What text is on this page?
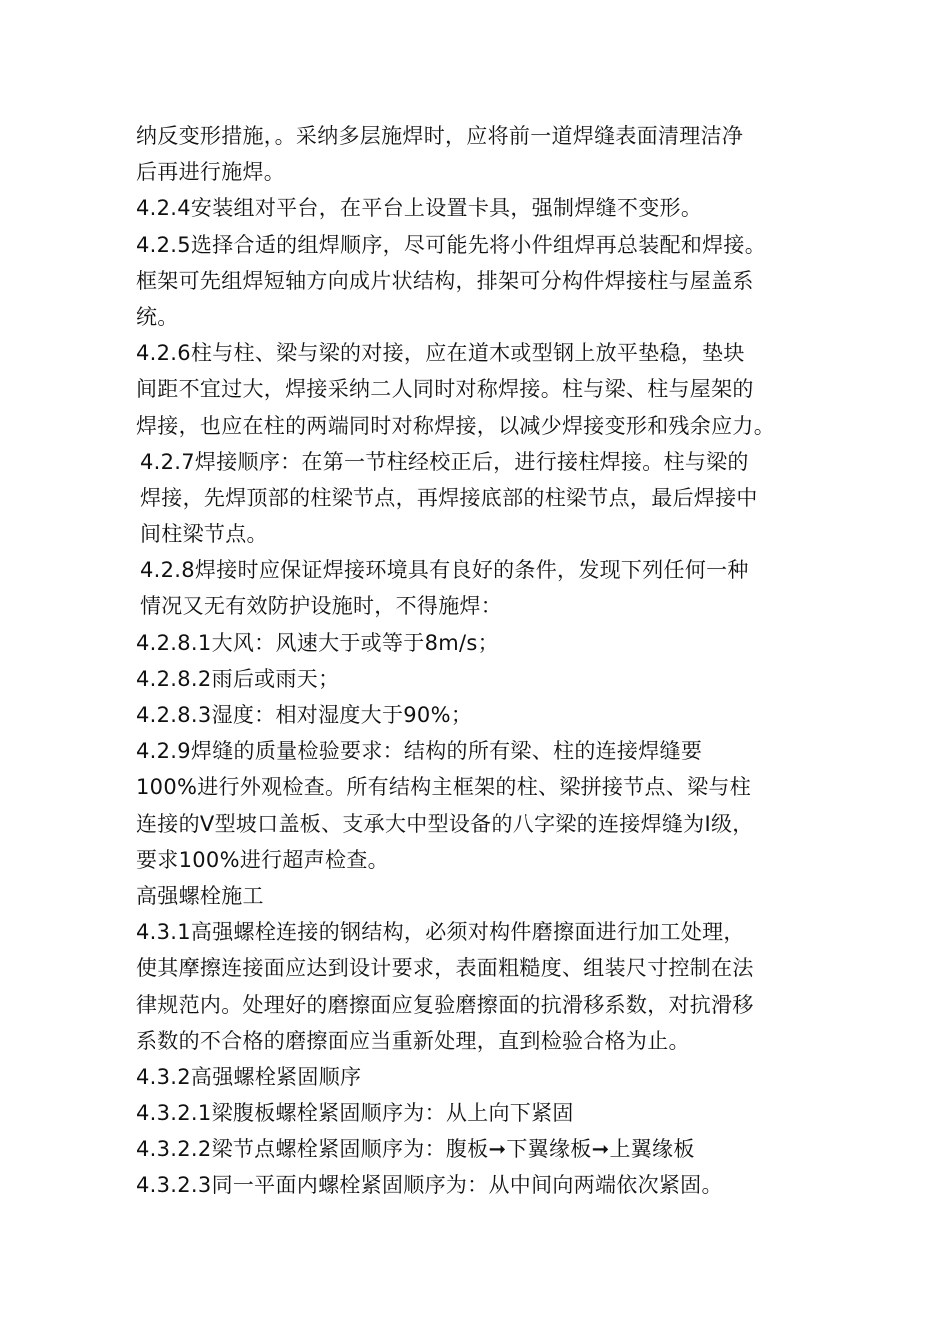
纳反变形措施，。采纳多层施焊时，应将前一道焊缝表面清理洁净
后再进行施焊。
4.2.4安装组对平台，在平台上设置卡具，强制焊缝不变形。
4.2.5选择合适的组焊顺序，尽可能先将小件组焊再总装配和焊接。
框架可先组焊短轴方向成片状结构，排架可分构件焊接柱与屋盖系
统。
4.2.6柱与柱、梁与梁的对接，应在道木或型钢上放平垫稳，垫块
间距不宜过大，焊接采纳二人同时对称焊接。柱与梁、柱与屋架的
焊接，也应在柱的两端同时对称焊接，以减少焊接变形和残余应力。
4.2.7焊接顺序：在第一节柱经校正后，进行接柱焊接。柱与梁的
焊接，先焊顶部的柱梁节点，再焊接底部的柱梁节点，最后焊接中
间柱梁节点。
4.2.8焊接时应保证焊接环境具有良好的条件，发现下列任何一种
情况又无有效防护设施时，不得施焊：
4.2.8.1大风：风速大于或等于8m/s；
4.2.8.2雨后或雨天；
4.2.8.3湿度：相对湿度大于90%；
4.2.9焊缝的质量检验要求：结构的所有梁、柱的连接焊缝要
100%进行外观检查。所有结构主框架的柱、梁拼接节点、梁与柱
连接的V型坡口盖板、支承大中型设备的八字梁的连接焊缝为Ⅰ级，
要求100%进行超声检查。
高强螺栓施工
4.3.1高强螺栓连接的钢结构，必须对构件磨擦面进行加工处理，
使其摩擦连接面应达到设计要求，表面粗糙度、组装尺寸控制在法
律规范内。处理好的磨擦面应复验磨擦面的抗滑移系数，对抗滑移
系数的不合格的磨擦面应当重新处理，直到检验合格为止。
4.3.2高强螺栓紧固顺序
4.3.2.1梁腹板螺栓紧固顺序为：从上向下紧固
4.3.2.2梁节点螺栓紧固顺序为：腹板➞下翼缘板➞上翼缘板
4.3.2.3同一平面内螺栓紧固顺序为：从中间向两端依次紧固。
